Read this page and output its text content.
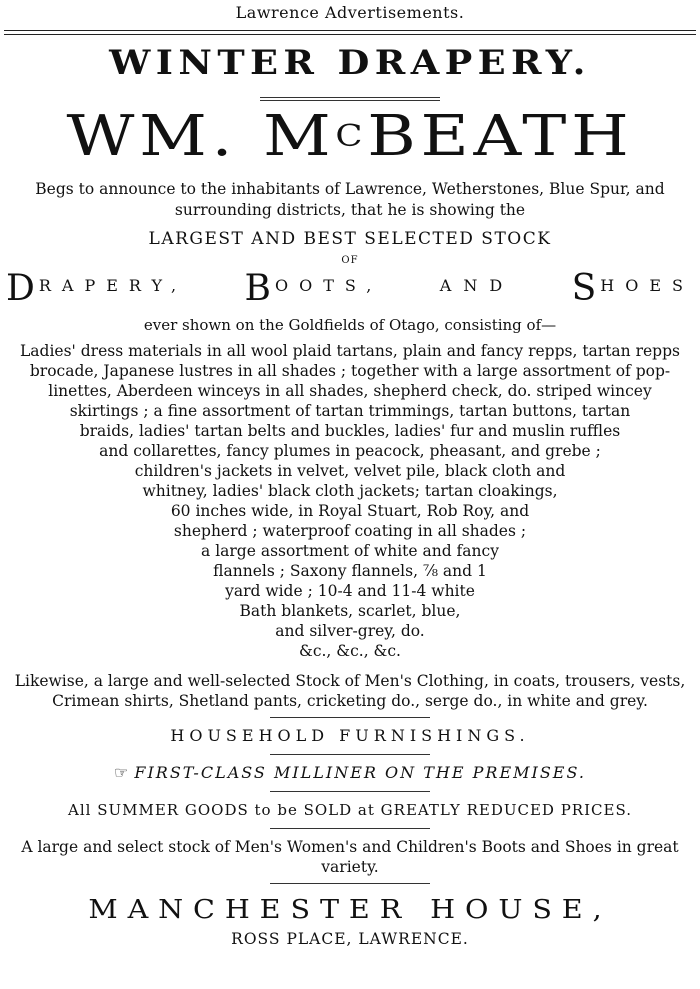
Lawrence Advertisements.
WINTER DRAPERY.
WM. $M^CBEATH$
Begs to announce to the inhabitants of Lawrence, Wetherstones, Blue Spur, and
surrounding districts, that he is showing the
LARGEST AND BEST SELECTED STOCK
OF
D RAPERY, B OOTS,	AND S HOES
ever shown on the Goldfields of Otago, consisting of—
Ladies' dress materials in all wool plaid tartans, plain and fancy repps, tartan repps
brocade, Japanese lustres in all shades ; together with a large assortment of pop-
linettes, Aberdeen winceys in all shades, shepherd check, do. striped wincey
skirtings ; a fine assortment of tartan trimmings, tartan buttons, tartan
braids, ladies' tartan belts and buckles, ladies' fur and muslin ruffles
and collarettes, fancy plumes in peacock, pheasant, and grebe ;
children's jackets in velvet, velvet pile, black cloth and
whitney, ladies' black cloth jackets; tartan cloakings,
60 inches wide, in Royal Stuart, Rob Roy, and
shepherd ; waterproof coating in all shades ;
a large assortment of white and fancy
flannels ; Saxony flannels, ⅞ and 1
yard wide ; 10-4 and 11-4 white
Bath blankets, scarlet, blue,
and silver-grey, do.
&c., &c., &c.
Likewise, a large and well-selected Stock of Men's Clothing, in coats, trousers, vests,
Crimean shirts, Shetland pants, cricketing do., serge do., in white and grey.
HOUSEHOLD FURNISHINGS.
☞ FIRST-CLASS MILLINER ON THE PREMISES.
All SUMMER GOODS to be SOLD at GREATLY REDUCED PRICES.
A large and select stock of Men's Women's and Children's Boots and Shoes in great
variety.
MANCHESTER HOUSE,
ROSS PLACE, LAWRENCE.
